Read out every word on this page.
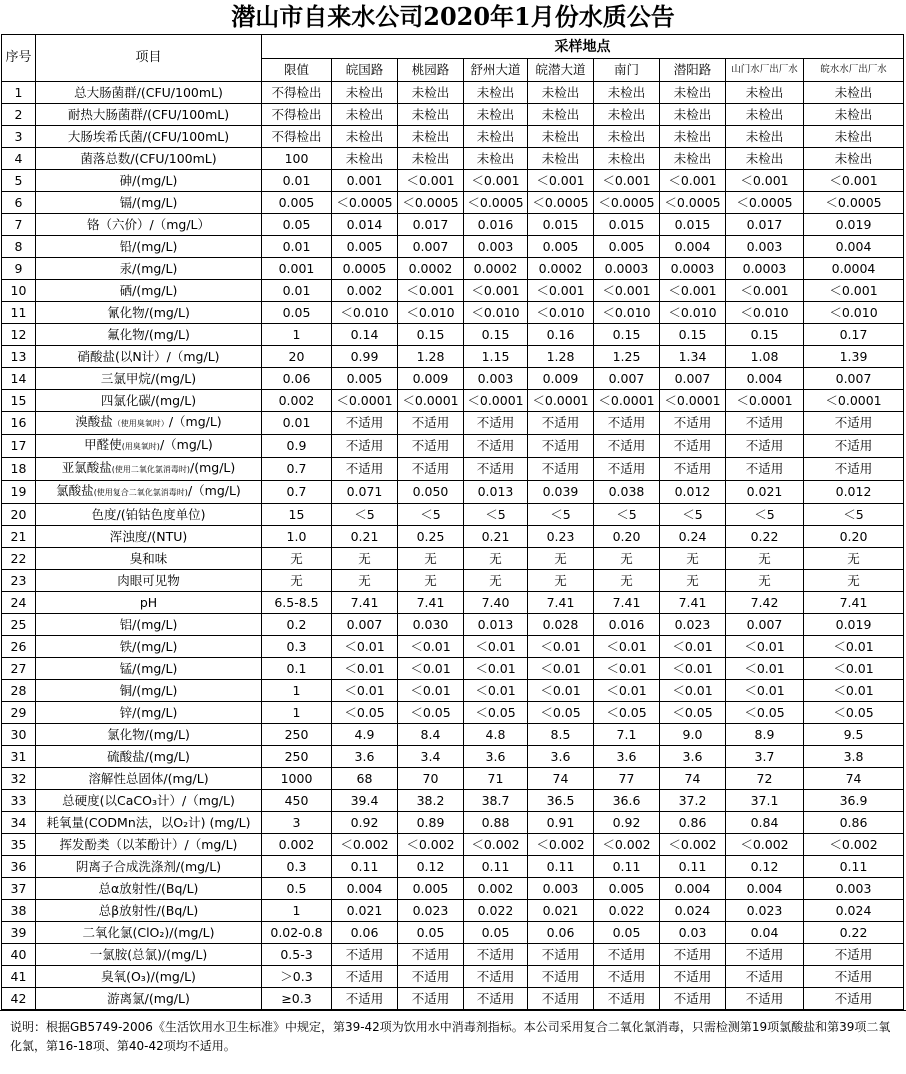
潜山市自来水公司2020年1月份水质公告
序号	项目	采样地点								
		限值	皖国路	桃园路	舒州大道	皖潜大道	南门	潜阳路	山门水厂出厂水	皖水水厂出厂水
1	总大肠菌群/(CFU/100mL)	不得检出	未检出	未检出	未检出	未检出	未检出	未检出	未检出	未检出
2	耐热大肠菌群/(CFU/100mL)	不得检出	未检出	未检出	未检出	未检出	未检出	未检出	未检出	未检出
3	大肠埃希氏菌/(CFU/100mL)	不得检出	未检出	未检出	未检出	未检出	未检出	未检出	未检出	未检出
4	菌落总数/(CFU/100mL)	100	未检出	未检出	未检出	未检出	未检出	未检出	未检出	未检出
5	砷/(mg/L)	0.01	0.001	＜0.001	＜0.001	＜0.001	＜0.001	＜0.001	＜0.001	＜0.001
6	镉/(mg/L)	0.005	＜0.0005	＜0.0005	＜0.0005	＜0.0005	＜0.0005	＜0.0005	＜0.0005	＜0.0005
7	铬（六价）/（mg/L）	0.05	0.014	0.017	0.016	0.015	0.015	0.015	0.017	0.019
8	铅/(mg/L)	0.01	0.005	0.007	0.003	0.005	0.005	0.004	0.003	0.004
9	汞/(mg/L)	0.001	0.0005	0.0002	0.0002	0.0002	0.0003	0.0003	0.0003	0.0004
10	硒/(mg/L)	0.01	0.002	＜0.001	＜0.001	＜0.001	＜0.001	＜0.001	＜0.001	＜0.001
11	氰化物/(mg/L)	0.05	＜0.010	＜0.010	＜0.010	＜0.010	＜0.010	＜0.010	＜0.010	＜0.010
12	氟化物/(mg/L)	1	0.14	0.15	0.15	0.16	0.15	0.15	0.15	0.17
13	硝酸盐(以N计）/（mg/L)	20	0.99	1.28	1.15	1.28	1.25	1.34	1.08	1.39
14	三氯甲烷/(mg/L)	0.06	0.005	0.009	0.003	0.009	0.007	0.007	0.004	0.007
15	四氯化碳/(mg/L)	0.002	＜0.0001	＜0.0001	＜0.0001	＜0.0001	＜0.0001	＜0.0001	＜0.0001	＜0.0001
16	溴酸盐（使用臭氧时）/（mg/L)	0.01	不适用	不适用	不适用	不适用	不适用	不适用	不适用	不适用
17	甲醛使(用臭氧时)/（mg/L)	0.9	不适用	不适用	不适用	不适用	不适用	不适用	不适用	不适用
18	亚氯酸盐(使用二氧化氯消毒时)/(mg/L)	0.7	不适用	不适用	不适用	不适用	不适用	不适用	不适用	不适用
19	氯酸盐(使用复合二氧化氯消毒时)/（mg/L)	0.7	0.071	0.050	0.013	0.039	0.038	0.012	0.021	0.012
20	色度/(铂钴色度单位)	15	＜5	＜5	＜5	＜5	＜5	＜5	＜5	＜5
21	浑浊度/(NTU)	1.0	0.21	0.25	0.21	0.23	0.20	0.24	0.22	0.20
22	臭和味	无	无	无	无	无	无	无	无	无
23	肉眼可见物	无	无	无	无	无	无	无	无	无
24	pH	6.5-8.5	7.41	7.41	7.40	7.41	7.41	7.41	7.42	7.41
25	铝/(mg/L)	0.2	0.007	0.030	0.013	0.028	0.016	0.023	0.007	0.019
26	铁/(mg/L)	0.3	＜0.01	＜0.01	＜0.01	＜0.01	＜0.01	＜0.01	＜0.01	＜0.01
27	锰/(mg/L)	0.1	＜0.01	＜0.01	＜0.01	＜0.01	＜0.01	＜0.01	＜0.01	＜0.01
28	铜/(mg/L)	1	＜0.01	＜0.01	＜0.01	＜0.01	＜0.01	＜0.01	＜0.01	＜0.01
29	锌/(mg/L)	1	＜0.05	＜0.05	＜0.05	＜0.05	＜0.05	＜0.05	＜0.05	＜0.05
30	氯化物/(mg/L)	250	4.9	8.4	4.8	8.5	7.1	9.0	8.9	9.5
31	硫酸盐/(mg/L)	250	3.6	3.4	3.6	3.6	3.6	3.6	3.7	3.8
32	溶解性总固体/(mg/L)	1000	68	70	71	74	77	74	72	74
33	总硬度(以CaCO₃计）/（mg/L)	450	39.4	38.2	38.7	36.5	36.6	37.2	37.1	36.9
34	耗氧量(CODMn法，以O₂计) (mg/L)	3	0.92	0.89	0.88	0.91	0.92	0.86	0.84	0.86
35	挥发酚类（以苯酚计）/（mg/L)	0.002	＜0.002	＜0.002	＜0.002	＜0.002	＜0.002	＜0.002	＜0.002	＜0.002
36	阴离子合成洗涤剂/(mg/L)	0.3	0.11	0.12	0.11	0.11	0.11	0.11	0.12	0.11
37	总α放射性/(Bq/L)	0.5	0.004	0.005	0.002	0.003	0.005	0.004	0.004	0.003
38	总β放射性/(Bq/L)	1	0.021	0.023	0.022	0.021	0.022	0.024	0.023	0.024
39	二氧化氯(ClO₂)/(mg/L)	0.02-0.8	0.06	0.05	0.05	0.06	0.05	0.03	0.04	0.22
40	一氯胺(总氯)/(mg/L)	0.5-3	不适用	不适用	不适用	不适用	不适用	不适用	不适用	不适用
41	臭氧(O₃)/(mg/L)	＞0.3	不适用	不适用	不适用	不适用	不适用	不适用	不适用	不适用
42	游离氯/(mg/L)	≥0.3	不适用	不适用	不适用	不适用	不适用	不适用	不适用	不适用
说明：根据GB5749-2006《生活饮用水卫生标准》中规定，第39-42项为饮用水中消毒剂指标。本公司采用复合二氧化氯消毒，只需检测第19项氯酸盐和第39项二氧化氯，第16-18项、第40-42项均不适用。
